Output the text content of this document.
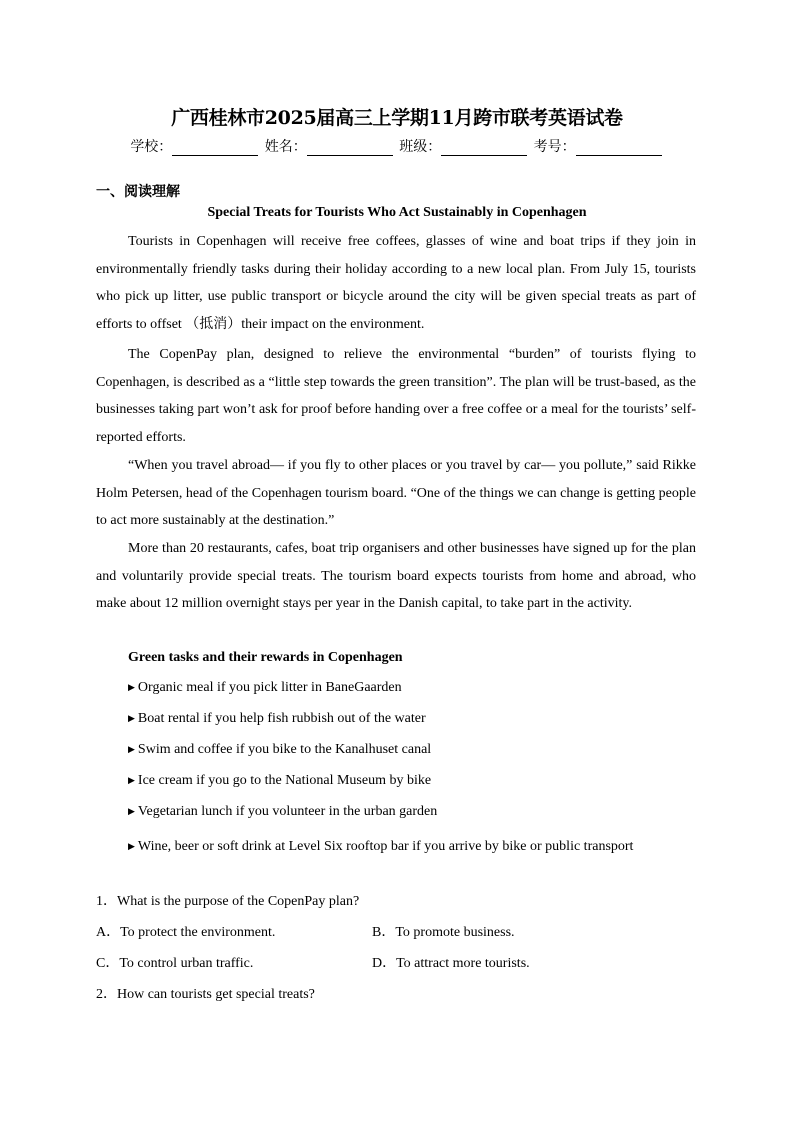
广西桂林市2025届高三上学期11月跨市联考英语试卷
学校：	姓名：	班级：	考号：
一、阅读理解
Special Treats for Tourists Who Act Sustainably in Copenhagen
Tourists in Copenhagen will receive free coffees, glasses of wine and boat trips if they join in environmentally friendly tasks during their holiday according to a new local plan. From July 15, tourists who pick up litter, use public transport or bicycle around the city will be given special treats as part of efforts to offset （抵消）their impact on the environment.
The CopenPay plan, designed to relieve the environmental “burden” of tourists flying to Copenhagen, is described as a “little step towards the green transition”. The plan will be trust-based, as the businesses taking part won’t ask for proof before handing over a free coffee or a meal for the tourists’ self-reported efforts.
“When you travel abroad— if you fly to other places or you travel by car— you pollute,” said Rikke Holm Petersen, head of the Copenhagen tourism board. “One of the things we can change is getting people to act more sustainably at the destination.”
More than 20 restaurants, cafes, boat trip organisers and other businesses have signed up for the plan and voluntarily provide special treats. The tourism board expects tourists from home and abroad, who make about 12 million overnight stays per year in the Danish capital, to take part in the activity.
Green tasks and their rewards in Copenhagen
▶ Organic meal if you pick litter in BaneGaarden
▶ Boat rental if you help fish rubbish out of the water
▶ Swim and coffee if you bike to the Kanalhuset canal
▶ Ice cream if you go to the National Museum by bike
▶ Vegetarian lunch if you volunteer in the urban garden
▶ Wine, beer or soft drink at Level Six rooftop bar if you arrive by bike or public transport
1．What is the purpose of the CopenPay plan?
A．To protect the environment.	B．To promote business.
C．To control urban traffic.	D．To attract more tourists.
2．How can tourists get special treats?
